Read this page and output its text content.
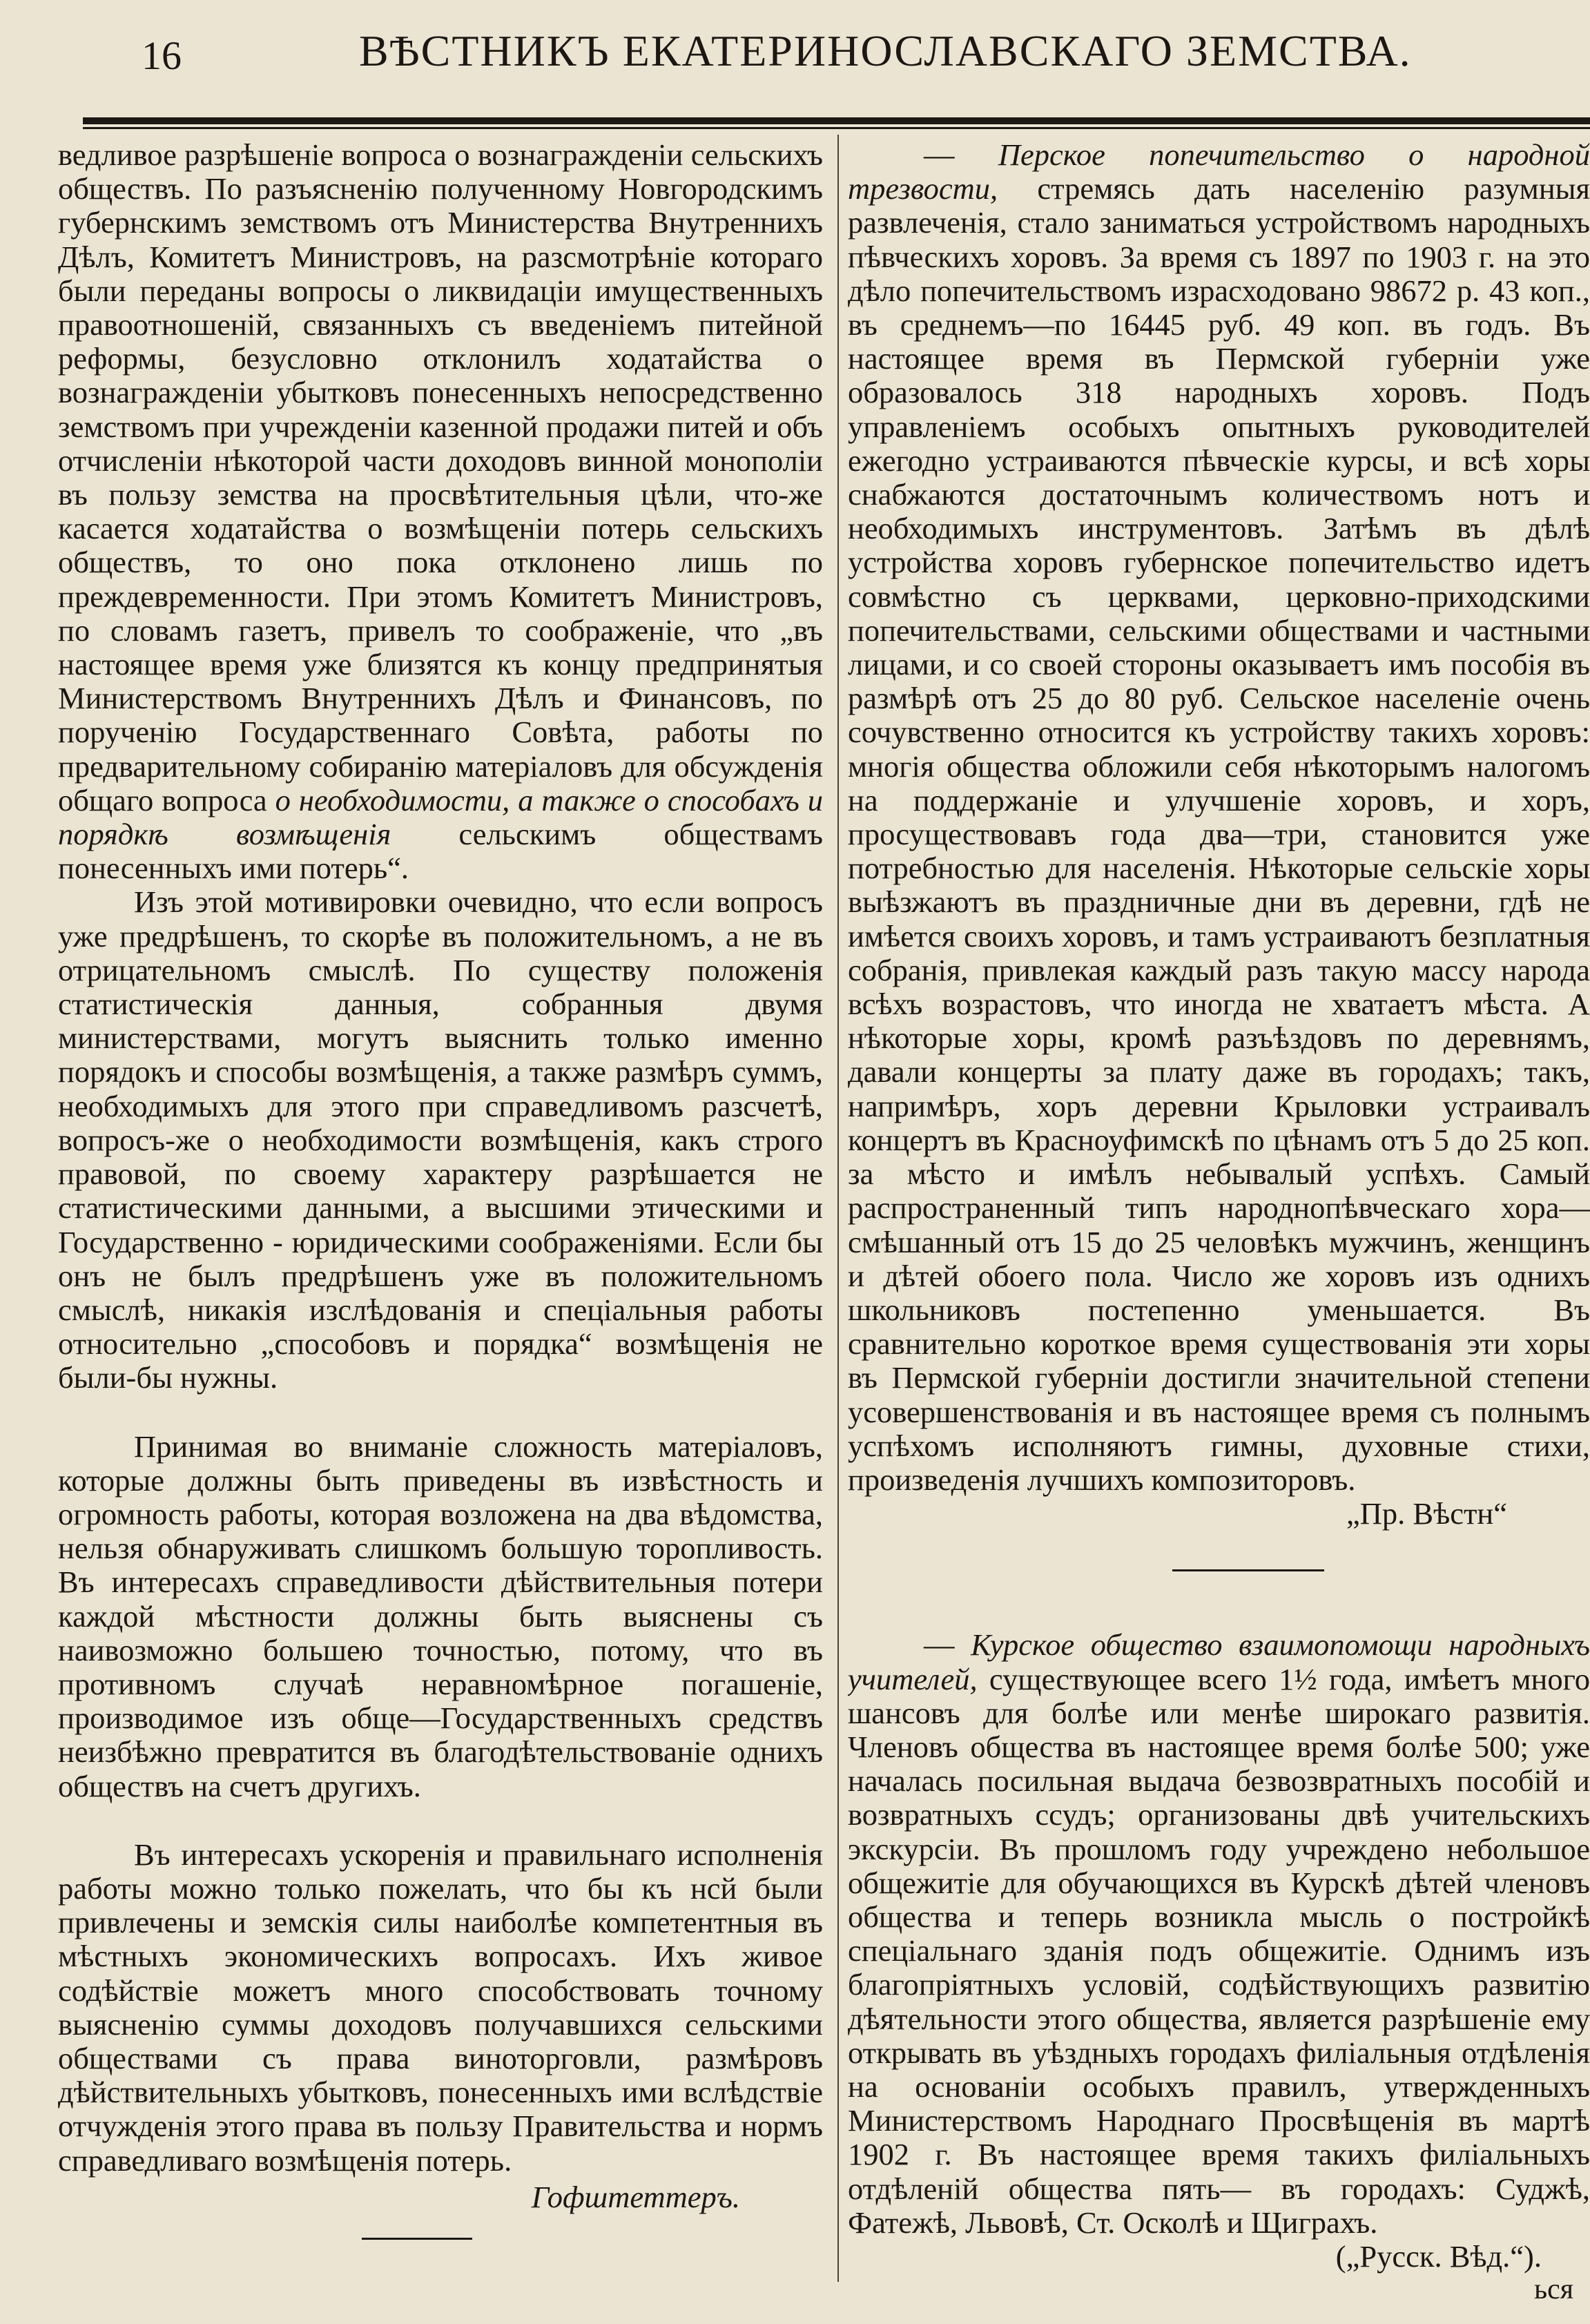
16	ВѢСТНИКЪ ЕКАТЕРИНОСЛАВСКАГО ЗЕМСТВА.

ведливое разрѣшеніе вопроса о вознагражденіи сельскихъ обществъ. По разъясненію полученному Новгородскимъ губернскимъ земствомъ отъ Министерства Внутреннихъ Дѣлъ, Комитетъ Министровъ, на разсмотрѣніе котораго были переданы вопросы о ликвидаціи имущественныхъ правоотношеній, связанныхъ съ введеніемъ питейной реформы, безусловно отклонилъ ходатайства о вознагражденіи убытковъ понесенныхъ непосредственно земствомъ при учрежденіи казенной продажи питей и объ отчисленіи нѣкоторой части доходовъ винной монополіи въ пользу земства на просвѣтительныя цѣли, что-же касается ходатайства о возмѣщеніи потерь сельскихъ обществъ, то оно пока отклонено лишь по преждевременности. При этомъ Комитетъ Министровъ, по словамъ газетъ, привелъ то соображеніе, что „въ настоящее время уже близятся къ концу предпринятыя Министерствомъ Внутреннихъ Дѣлъ и Финансовъ, по порученію Государственнаго Совѣта, работы по предварительному собиранію матеріаловъ для обсужденія общаго вопроса о необходимости, а также о способахъ и порядкѣ возмѣщенія сельскимъ обществамъ понесенныхъ ими потерь“.

Изъ этой мотивировки очевидно, что если вопросъ уже предрѣшенъ, то скорѣе въ положительномъ, а не въ отрицательномъ смыслѣ. По существу положенія статистическія данныя, собранныя двумя министерствами, могутъ выяснить только именно порядокъ и способы возмѣщенія, а также размѣръ суммъ, необходимыхъ для этого при справедливомъ разсчетѣ, вопросъ-же о необходимости возмѣщенія, какъ строго правовой, по своему характеру разрѣшается не статистическими данными, а высшими этическими и Государственно - юридическими соображеніями. Если бы онъ не былъ предрѣшенъ уже въ положительномъ смыслѣ, никакія изслѣдованія и спеціальныя работы относительно „способовъ и порядка“ возмѣщенія не были-бы нужны.

Принимая во вниманіе сложность матеріаловъ, которые должны быть приведены въ извѣстность и огромность работы, которая возложена на два вѣдомства, нельзя обнаруживать слишкомъ большую торопливость. Въ интересахъ справедливости дѣйствительныя потери каждой мѣстности должны быть выяснены съ наивозможно большею точностью, потому, что въ противномъ случаѣ неравномѣрное погашеніе, производимое изъ обще—Государственныхъ средствъ неизбѣжно превратится въ благодѣтельствованіе однихъ обществъ на счетъ другихъ.

Въ интересахъ ускоренія и правильнаго исполненія работы можно только пожелать, что бы къ нсй были привлечены и земскія силы наиболѣе компетентныя въ мѣстныхъ экономическихъ вопросахъ. Ихъ живое содѣйствіе можетъ много способствовать точному выясненію суммы доходовъ получавшихся сельскими обществами съ права виноторговли, размѣровъ дѣйствительныхъ убытковъ, понесенныхъ ими вслѣдствіе отчужденія этого права въ пользу Правительства и нормъ справедливаго возмѣщенія потерь.

Гофштеттеръ.

— Перское попечительство о народной трезвости, стремясь дать населенію разумныя развлеченія, стало заниматься устройствомъ народныхъ пѣвческихъ хоровъ. За время съ 1897 по 1903 г. на это дѣло попечительствомъ израсходовано 98672 р. 43 коп., въ среднемъ—по 16445 руб. 49 коп. въ годъ. Въ настоящее время въ Пермской губерніи уже образовалось 318 народныхъ хоровъ. Подъ управленіемъ особыхъ опытныхъ руководителей ежегодно устраиваются пѣвческіе курсы, и всѣ хоры снабжаются достаточнымъ количествомъ нотъ и необходимыхъ инструментовъ. Затѣмъ въ дѣлѣ устройства хоровъ губернское попечительство идетъ совмѣстно съ церквами, церковно-приходскими попечительствами, сельскими обществами и частными лицами, и со своей стороны оказываетъ имъ пособія въ размѣрѣ отъ 25 до 80 руб. Сельское населеніе очень сочувственно относится къ устройству такихъ хоровъ: многія общества обложили себя нѣкоторымъ налогомъ на поддержаніе и улучшеніе хоровъ, и хоръ, просуществовавъ года два—три, становится уже потребностью для населенія. Нѣкоторые сельскіе хоры выѣзжаютъ въ праздничные дни въ деревни, гдѣ не имѣется своихъ хоровъ, и тамъ устраиваютъ безплатныя собранія, привлекая каждый разъ такую массу народа всѣхъ возрастовъ, что иногда не хватаетъ мѣста. А нѣкоторые хоры, кромѣ разъѣздовъ по деревнямъ, давали концерты за плату даже въ городахъ; такъ, напримѣръ, хоръ деревни Крыловки устраивалъ концертъ въ Красноуфимскѣ по цѣнамъ отъ 5 до 25 коп. за мѣсто и имѣлъ небывалый успѣхъ. Самый распространенный типъ народнопѣвческаго хора—смѣшанный отъ 15 до 25 человѣкъ мужчинъ, женщинъ и дѣтей обоего пола. Число же хоровъ изъ однихъ школьниковъ постепенно уменьшается. Въ сравнительно короткое время существованія эти хоры въ Пермской губерніи достигли значительной степени усовершенствованія и въ настоящее время съ полнымъ успѣхомъ исполняютъ гимны, духовные стихи, произведенія лучшихъ композиторовъ.

„Пр. Вѣстн“

— Курское общество взаимопомощи народныхъ учителей, существующее всего 1½ года, имѣетъ много шансовъ для болѣе или менѣе широкаго развитія. Членовъ общества въ настоящее время болѣе 500; уже началась посильная выдача безвозвратныхъ пособій и возвратныхъ ссудъ; организованы двѣ учительскихъ экскурсіи. Въ прошломъ году учреждено небольшое общежитіе для обучающихся въ Курскѣ дѣтей членовъ общества и теперь возникла мысль о постройкѣ спеціальнаго зданія подъ общежитіе. Однимъ изъ благопріятныхъ условій, содѣйствующихъ развитію дѣятельности этого общества, является разрѣшеніе ему открывать въ уѣздныхъ городахъ филіальныя отдѣленія на основаніи особыхъ правилъ, утвержденныхъ Министерствомъ Народнаго Просвѣщенія въ мартѣ 1902 г. Въ настоящее время такихъ филіальныхъ отдѣленій общества пять— въ городахъ: Суджѣ, Фатежѣ, Львовѣ, Ст. Осколѣ и Щиграхъ.
(„Русск. Вѣд.“).

ься
